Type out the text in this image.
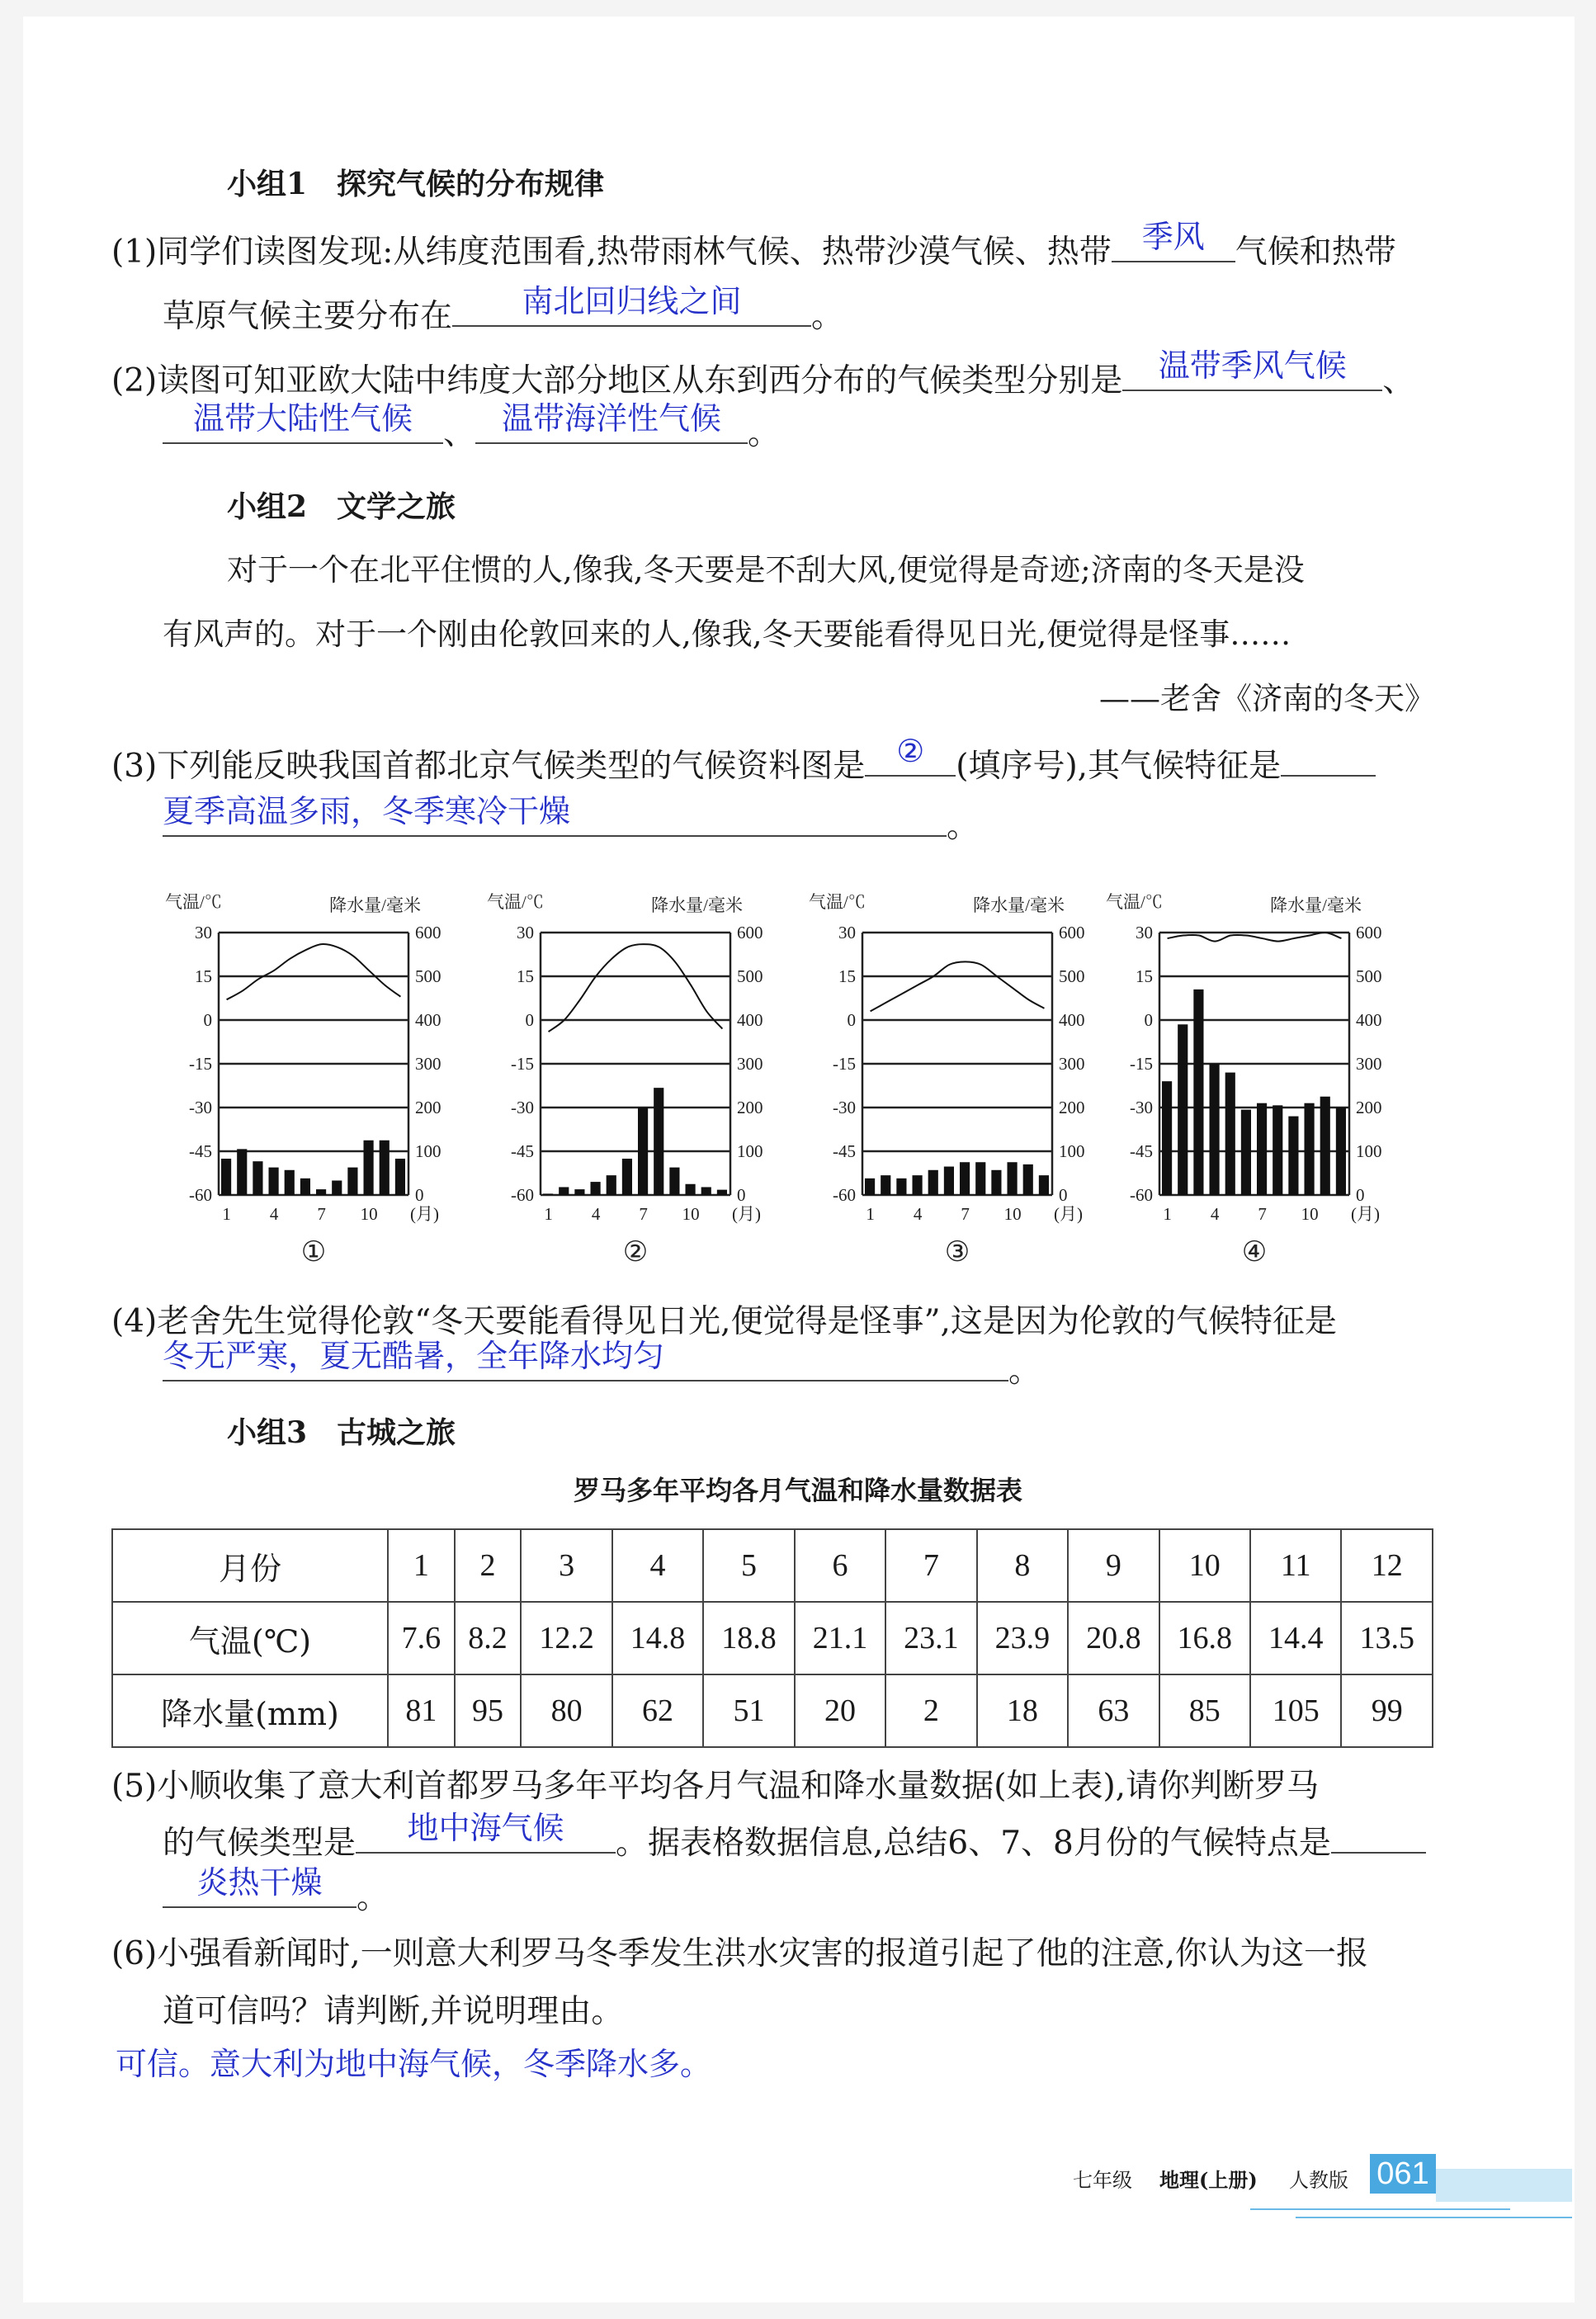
小组1　探究气候的分布规律
(1)同学们读图发现:从纬度范围看,热带雨林气候、热带沙漠气候、热带 季风 气候和热带
草原气候主要分布在	南北回归线之间	。
(2)读图可知亚欧大陆中纬度大部分地区从东到西分布的气候类型分别是	温带季风气候	、
温带大陆性气候 、 温带海洋性气候 。
小组2　文学之旅
对于一个在北平住惯的人,像我,冬天要是不刮大风,便觉得是奇迹;济南的冬天是没
有风声的。对于一个刚由伦敦回来的人,像我,冬天要能看得见日光,便觉得是怪事……
——老舍《济南的冬天》
(3)下列能反映我国首都北京气候类型的气候资料图是 ② (填序号),其气候特征是
夏季高温多雨，冬季寒冷干燥	。
气温/℃	降水量/毫米
30	600
15	500
0	400
-15	300
-30	200
-45	100
-60	0
1 4 7 10 (月)
①
气温/℃	降水量/毫米
30	600
15	500
0	400
-15	300
-30	200
-45	100
-60	0
1 4 7 10 (月)
②
气温/℃	降水量/毫米
30	600
15	500
0	400
-15	300
-30	200
-45	100
-60	0
1 4 7 10 (月)
③
气温/℃	降水量/毫米
30	600
15	500
0	400
-15	300
-30	200
-45	100
-60	0
1 4 7 10 (月)
④
(4)老舍先生觉得伦敦“冬天要能看得见日光,便觉得是怪事”,这是因为伦敦的气候特征是
冬无严寒，夏无酷暑，全年降水均匀	。
小组3　古城之旅
罗马多年平均各月气温和降水量数据表
月份	1	2	3	4	5	6	7	8	9	10	11	12
气温(℃)	7.6	8.2	12.2	14.8	18.8	21.1	23.1	23.9	20.8	16.8	14.4	13.5
降水量(mm)	81	95	80	62	51	20	2	18	63	85	105	99
(5)小顺收集了意大利首都罗马多年平均各月气温和降水量数据(如上表),请你判断罗马
的气候类型是	地中海气候	。据表格数据信息,总结6、7、8月份的气候特点是
炎热干燥	。
(6)小强看新闻时,一则意大利罗马冬季发生洪水灾害的报道引起了他的注意,你认为这一报
道可信吗？请判断,并说明理由。
可信。意大利为地中海气候，冬季降水多。
七年级 地理(上册) 人教版 061
